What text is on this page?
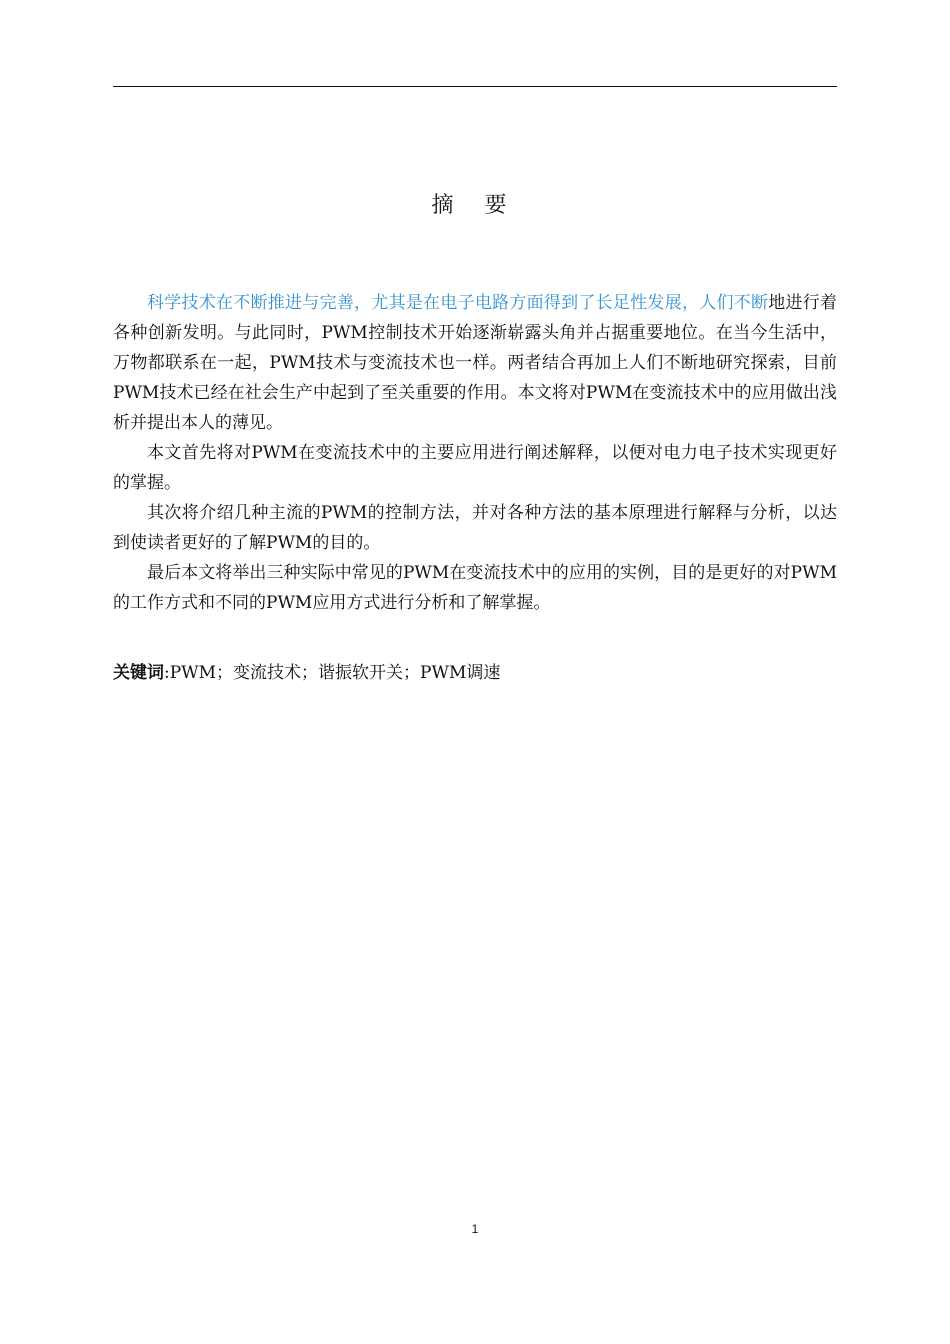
摘 要

科学技术在不断推进与完善，尤其是在电子电路方面得到了长足性发展，人们不断地进行着各种创新发明。与此同时，PWM控制技术开始逐渐崭露头角并占据重要地位。在当今生活中，万物都联系在一起，PWM技术与变流技术也一样。两者结合再加上人们不断地研究探索，目前PWM技术已经在社会生产中起到了至关重要的作用。本文将对PWM在变流技术中的应用做出浅析并提出本人的薄见。

本文首先将对PWM在变流技术中的主要应用进行阐述解释，以便对电力电子技术实现更好的掌握。

其次将介绍几种主流的PWM的控制方法，并对各种方法的基本原理进行解释与分析，以达到使读者更好的了解PWM的目的。

最后本文将举出三种实际中常见的PWM在变流技术中的应用的实例，目的是更好的对PWM的工作方式和不同的PWM应用方式进行分析和了解掌握。

关键词:PWM；变流技术；谐振软开关；PWM调速
1
